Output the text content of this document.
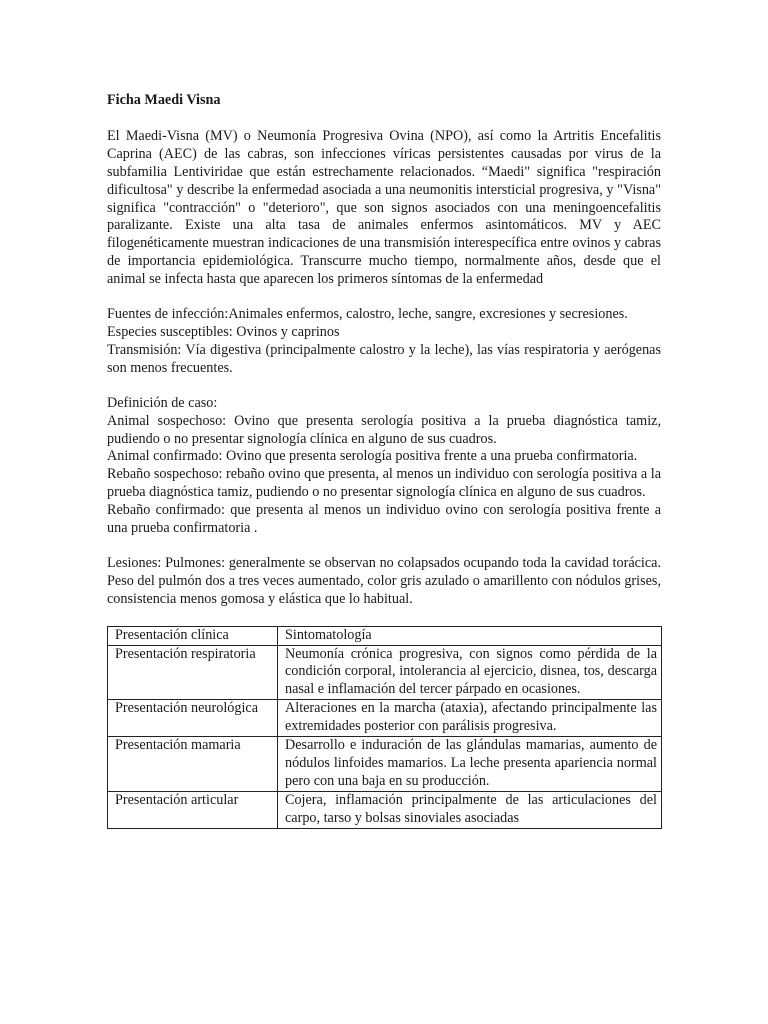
Ficha Maedi Visna
El Maedi-Visna (MV) o Neumonía Progresiva Ovina (NPO), así como la Artritis Encefalitis Caprina (AEC) de las cabras, son infecciones víricas persistentes causadas por virus de la subfamilia Lentiviridae que están estrechamente relacionados. “Maedi" significa "respiración dificultosa" y describe la enfermedad asociada a una neumonitis intersticial progresiva, y "Visna" significa "contracción" o "deterioro", que son signos asociados con una meningoencefalitis paralizante. Existe una alta tasa de animales enfermos asintomáticos. MV y AEC filogenéticamente muestran indicaciones de una transmisión interespecífica entre ovinos y cabras de importancia epidemiológica. Transcurre mucho tiempo, normalmente años, desde que el animal se infecta hasta que aparecen los primeros síntomas de la enfermedad
Fuentes de infección:Animales enfermos, calostro, leche, sangre, excresiones y secresiones.
Especies susceptibles: Ovinos y caprinos
Transmisión: Vía digestiva (principalmente calostro y la leche), las vías respiratoria y aerógenas son menos frecuentes.
Definición de caso:
Animal sospechoso: Ovino que presenta serología positiva a la prueba diagnóstica tamiz, pudiendo o no presentar signología clínica en alguno de sus cuadros.
Animal confirmado: Ovino que presenta serología positiva frente a una prueba confirmatoria.
Rebaño sospechoso: rebaño ovino que presenta, al menos un individuo con serología positiva a la prueba diagnóstica tamiz, pudiendo o no presentar signología clínica en alguno de sus cuadros.
Rebaño confirmado: que presenta al menos un individuo ovino con serología positiva frente a una prueba confirmatoria .
Lesiones: Pulmones: generalmente se observan no colapsados ocupando toda la cavidad torácica. Peso del pulmón dos a tres veces aumentado, color gris azulado o amarillento con nódulos grises, consistencia menos gomosa y elástica que lo habitual.
Presentación clínica	Sintomatología
Presentación respiratoria	Neumonía crónica progresiva, con signos como pérdida de la condición corporal, intolerancia al ejercicio, disnea, tos, descarga nasal e inflamación del tercer párpado en ocasiones.
Presentación neurológica	Alteraciones en la marcha (ataxia), afectando principalmente las extremidades posterior con parálisis progresiva.
Presentación mamaria	Desarrollo e induración de las glándulas mamarias, aumento de nódulos linfoides mamarios. La leche presenta apariencia normal pero con una baja en su producción.
Presentación articular	Cojera, inflamación principalmente de las articulaciones del carpo, tarso y bolsas sinoviales asociadas
